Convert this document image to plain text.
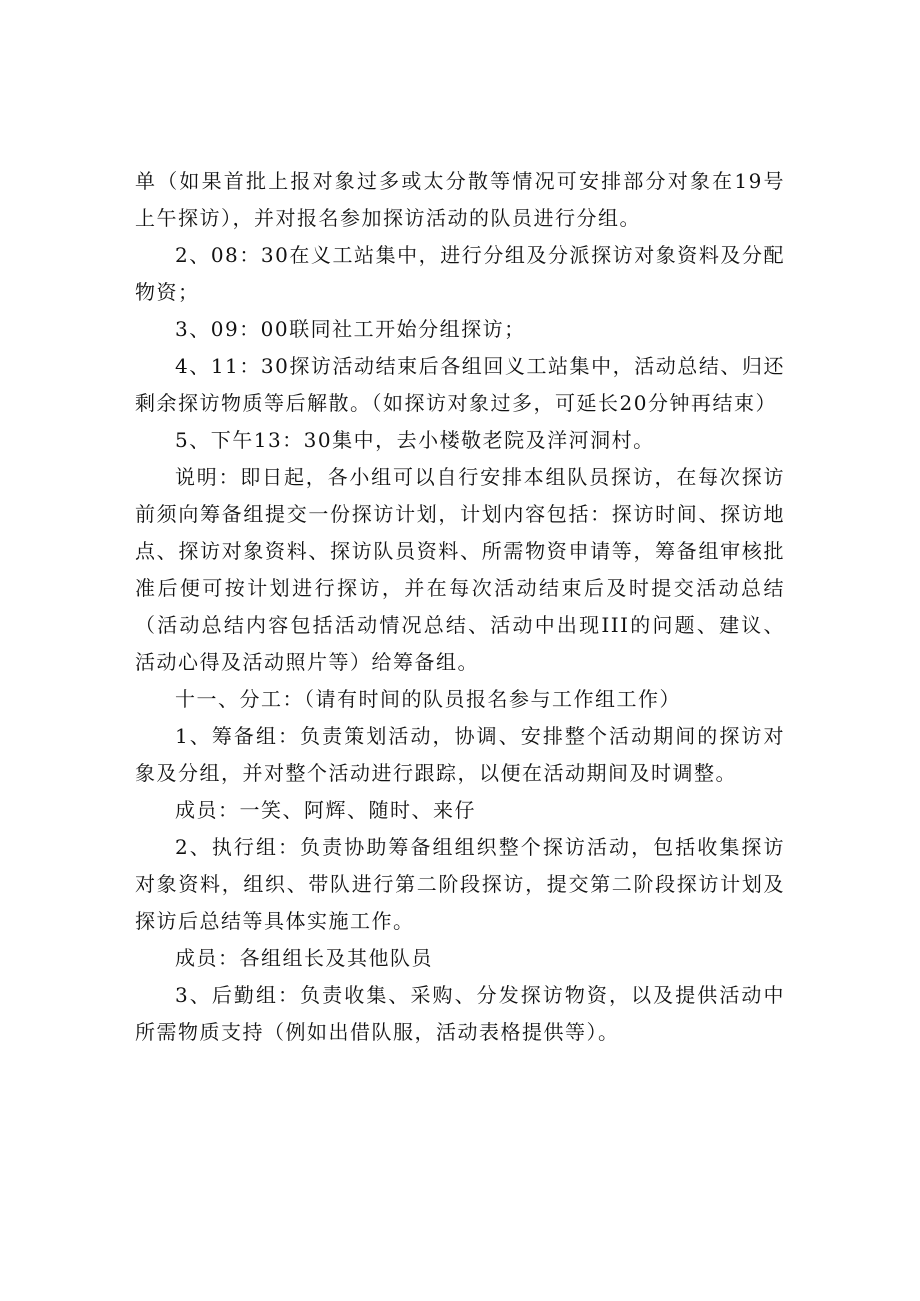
单（如果首批上报对象过多或太分散等情况可安排部分对象在19号上午探访），并对报名参加探访活动的队员进行分组。

2、08：30在义工站集中，进行分组及分派探访对象资料及分配物资；

3、09：00联同社工开始分组探访；

4、11：30探访活动结束后各组回义工站集中，活动总结、归还剩余探访物质等后解散。（如探访对象过多，可延长20分钟再结束）

5、下午13：30集中，去小楼敬老院及洋河洞村。

说明：即日起，各小组可以自行安排本组队员探访，在每次探访前须向筹备组提交一份探访计划，计划内容包括：探访时间、探访地点、探访对象资料、探访队员资料、所需物资申请等，筹备组审核批准后便可按计划进行探访，并在每次活动结束后及时提交活动总结（活动总结内容包括活动情况总结、活动中出现III的问题、建议、活动心得及活动照片等）给筹备组。

十一、分工：（请有时间的队员报名参与工作组工作）

1、筹备组：负责策划活动，协调、安排整个活动期间的探访对象及分组，并对整个活动进行跟踪，以便在活动期间及时调整。

成员：一笑、阿辉、随时、来仔

2、执行组：负责协助筹备组组织整个探访活动，包括收集探访对象资料，组织、带队进行第二阶段探访，提交第二阶段探访计划及探访后总结等具体实施工作。

成员：各组组长及其他队员

3、后勤组：负责收集、采购、分发探访物资，以及提供活动中所需物质支持（例如出借队服，活动表格提供等）。
